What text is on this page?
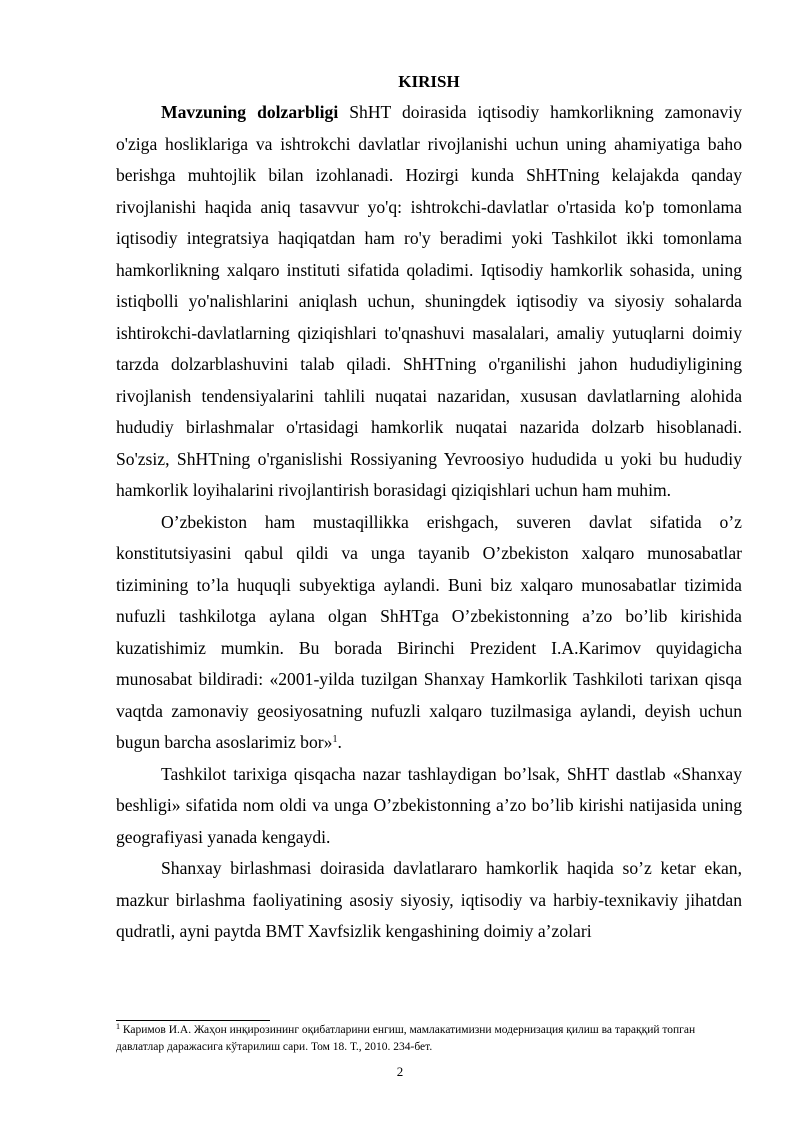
KIRISH

Mavzuning dolzarbligi ShHT doirasida iqtisodiy hamkorlikning zamonaviy o'ziga hosliklariga va ishtrokchi davlatlar rivojlanishi uchun uning ahamiyatiga baho berishga muhtojlik bilan izohlanadi. Hozirgi kunda ShHTning kelajakda qanday rivojlanishi haqida aniq tasavvur yo'q: ishtrokchi-davlatlar o'rtasida ko'p tomonlama iqtisodiy integratsiya haqiqatdan ham ro'y beradimi yoki Tashkilot ikki tomonlama hamkorlikning xalqaro instituti sifatida qoladimi. Iqtisodiy hamkorlik sohasida, uning istiqbolli yo'nalishlarini aniqlash uchun, shuningdek iqtisodiy va siyosiy sohalarda ishtirokchi-davlatlarning qiziqishlari to'qnashuvi masalalari, amaliy yutuqlarni doimiy tarzda dolzarblashuvini talab qiladi. ShHTning o'rganilishi jahon hududiyligining rivojlanish tendensiyalarini tahlili nuqatai nazaridan, xususan davlatlarning alohida hududiy birlashmalar o'rtasidagi hamkorlik nuqatai nazarida dolzarb hisoblanadi. So'zsiz, ShHTning o'rganislishi Rossiyaning Yevroosiyo hududida u yoki bu hududiy hamkorlik loyihalarini rivojlantirish borasidagi qiziqishlari uchun ham muhim.

O’zbekiston ham mustaqillikka erishgach, suveren davlat sifatida o’z konstitutsiyasini qabul qildi va unga tayanib O’zbekiston xalqaro munosabatlar tizimining to’la huquqli subyektiga aylandi. Buni biz xalqaro munosabatlar tizimida nufuzli tashkilotga aylana olgan ShHTga O’zbekistonning a’zo bo’lib kirishida kuzatishimiz mumkin. Bu borada Birinchi Prezident I.A.Karimov quyidagicha munosabat bildiradi: «2001-yilda tuzilgan Shanxay Hamkorlik Tashkiloti tarixan qisqa vaqtda zamonaviy geosiyosatning nufuzli xalqaro tuzilmasiga aylandi, deyish uchun bugun barcha asoslarimiz bor»$^1$.

Tashkilot tarixiga qisqacha nazar tashlaydigan bo’lsak, ShHT dastlab «Shanxay beshligi» sifatida nom oldi va unga O’zbekistonning a’zo bo’lib kirishi natijasida uning geografiyasi yanada kengaydi.

Shanxay birlashmasi doirasida davlatlararo hamkorlik haqida so’z ketar ekan, mazkur birlashma faoliyatining asosiy siyosiy, iqtisodiy va harbiy-texnikaviy jihatdan qudratli, ayni paytda BMT Xavfsizlik kengashining doimiy a’zolari

$^1$ Каримов И.А. Жаҳон инқирозининг оқибатларини енгиш, мамлакатимизни модернизация қилиш ва тараққий топган давлатлар даражасига кўтарилиш сари. Том 18. Т., 2010. 234-бет.
2
